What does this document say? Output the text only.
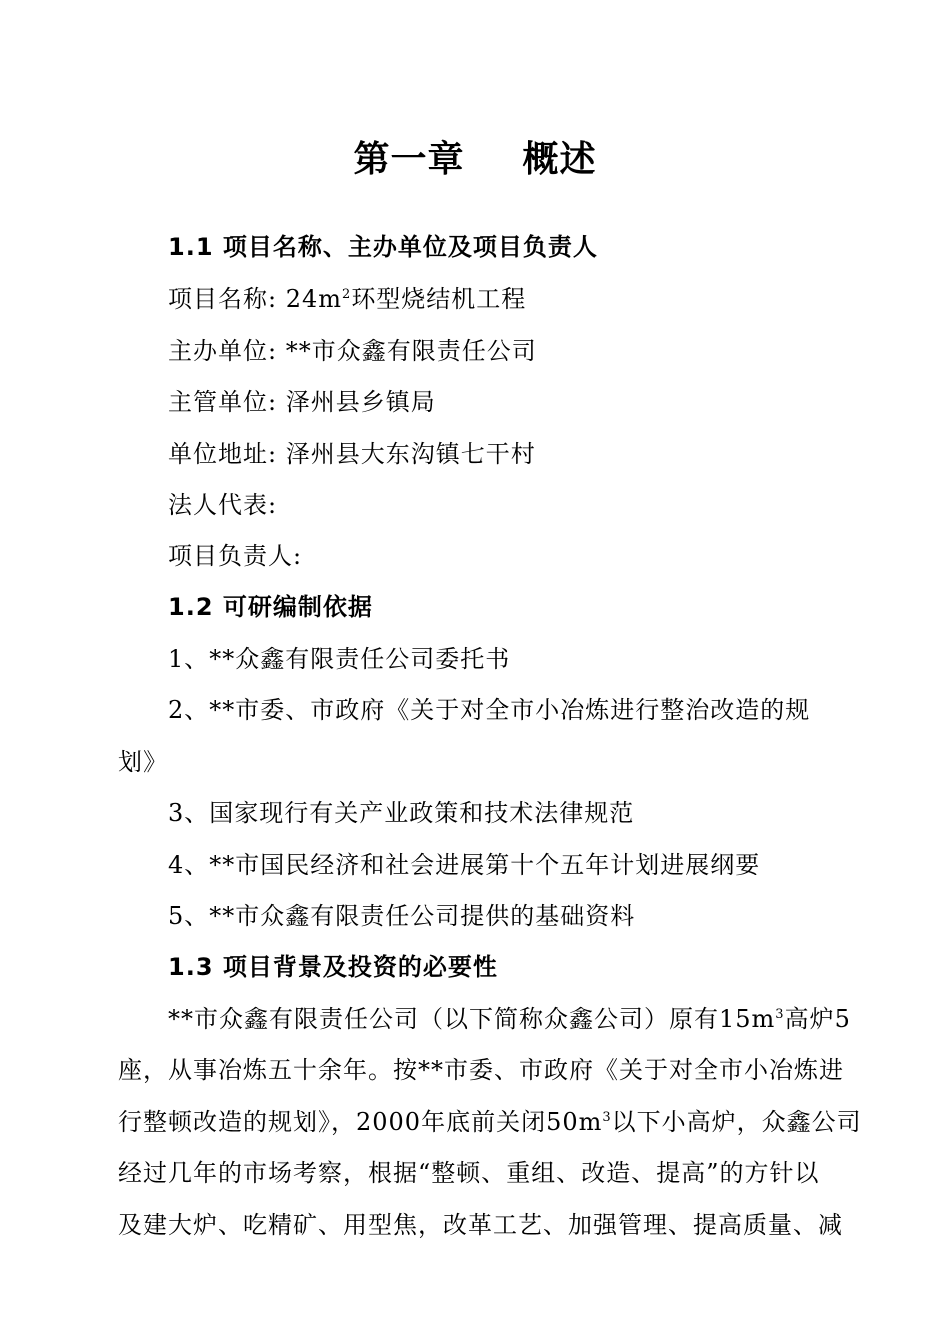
第一章 概述
1.1 项目名称、主办单位及项目负责人
项目名称: $24m^2$环型烧结机工程
主办单位: **市众鑫有限责任公司
主管单位: 泽州县乡镇局
单位地址: 泽州县大东沟镇七干村
法人代表:
项目负责人:
1.2 可研编制依据
1、**众鑫有限责任公司委托书
2、**市委、市政府《关于对全市小冶炼进行整治改造的规
划》
3、国家现行有关产业政策和技术法律规范
4、**市国民经济和社会进展第十个五年计划进展纲要
5、**市众鑫有限责任公司提供的基础资料
1.3 项目背景及投资的必要性
**市众鑫有限责任公司（以下简称众鑫公司）原有$15m^3$高炉5
座，从事冶炼五十余年。按**市委、市政府《关于对全市小冶炼进
行整顿改造的规划》，2000年底前关闭$50m^3$以下小高炉，众鑫公司
经过几年的市场考察，根据“整顿、重组、改造、提高”的方针以
及建大炉、吃精矿、用型焦，改革工艺、加强管理、提高质量、减
